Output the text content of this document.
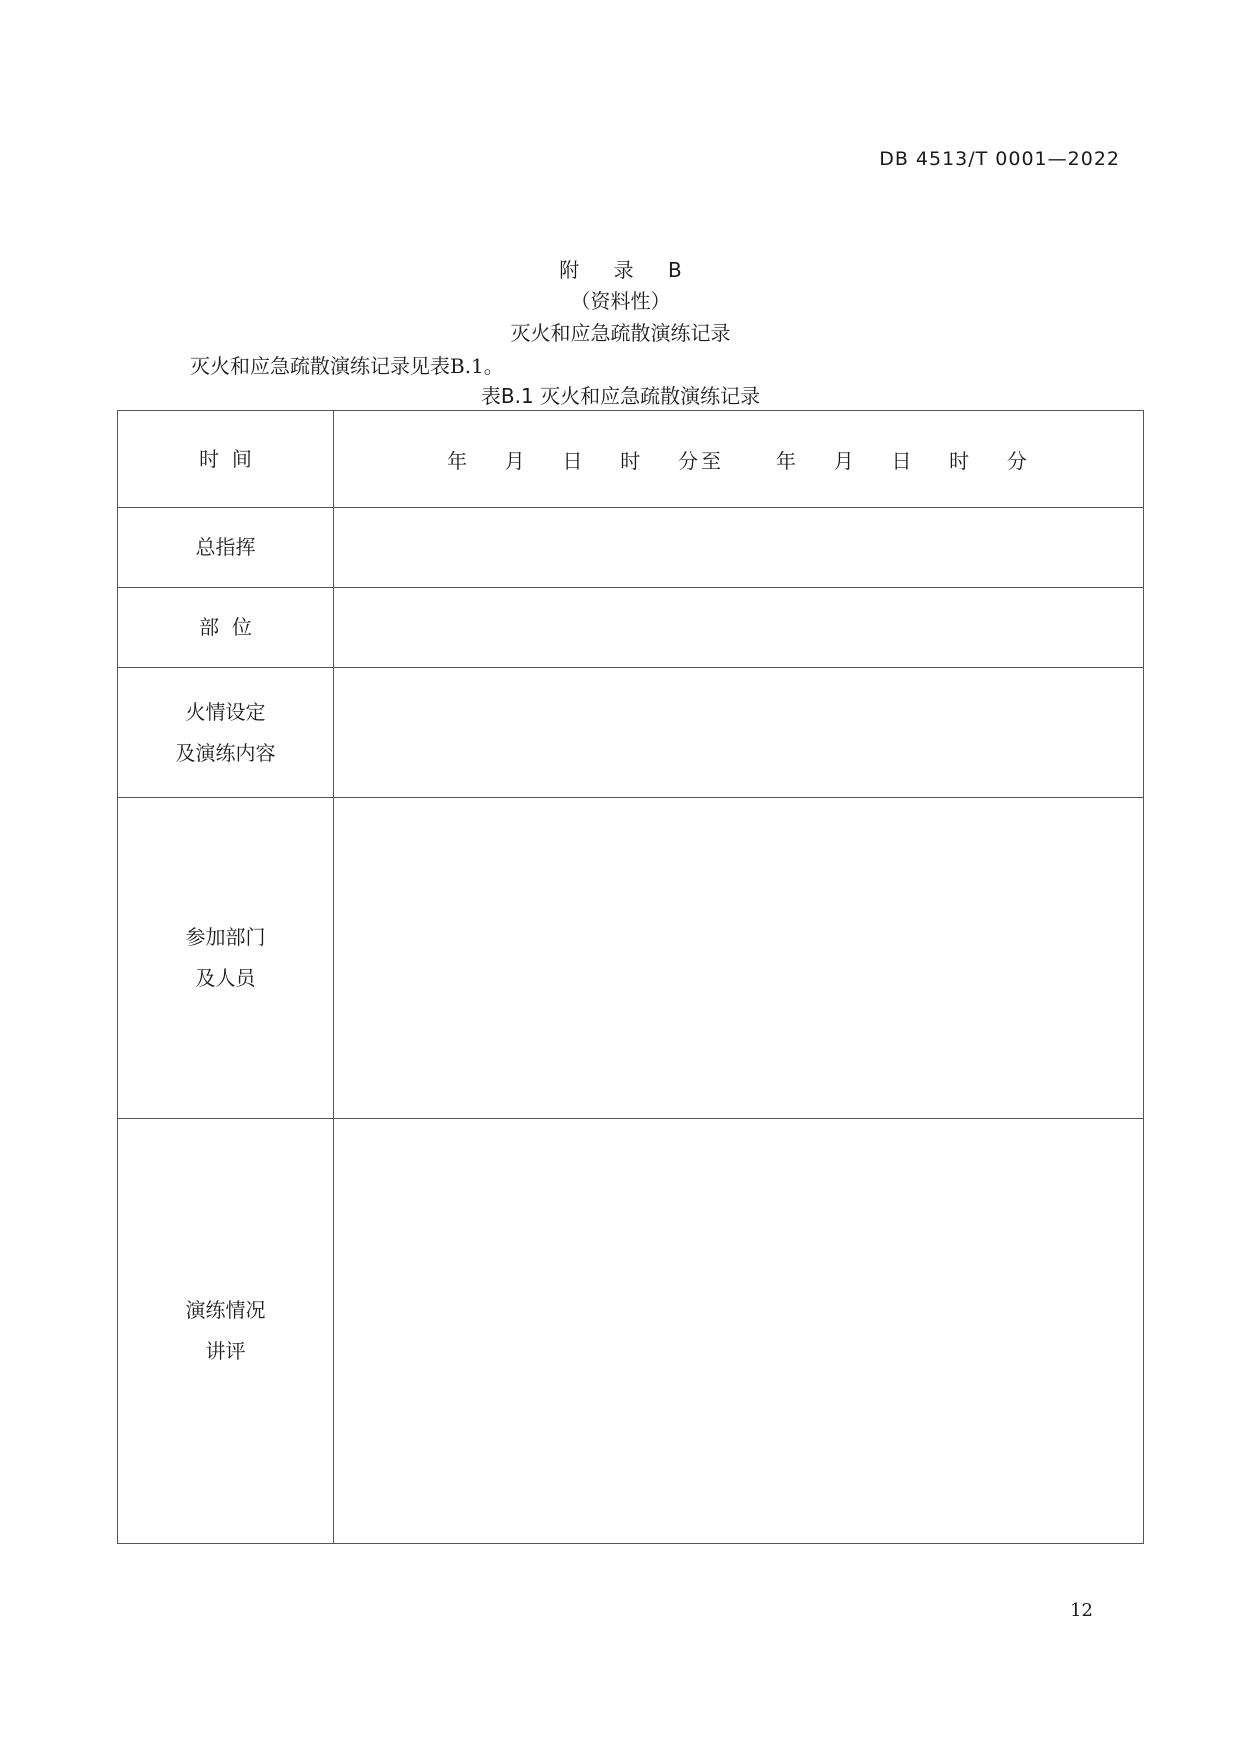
DB 4513/T 0001—2022
附 录 B
（资料性）
灭火和应急疏散演练记录
灭火和应急疏散演练记录见表B.1。
表B.1 灭火和应急疏散演练记录
时  间	年  月  日  时  分至   年  月  日  时  分

总指挥	

部  位	

火情设定
及演练内容	

参加部门
及人员	

演练情况
讲评	

12
